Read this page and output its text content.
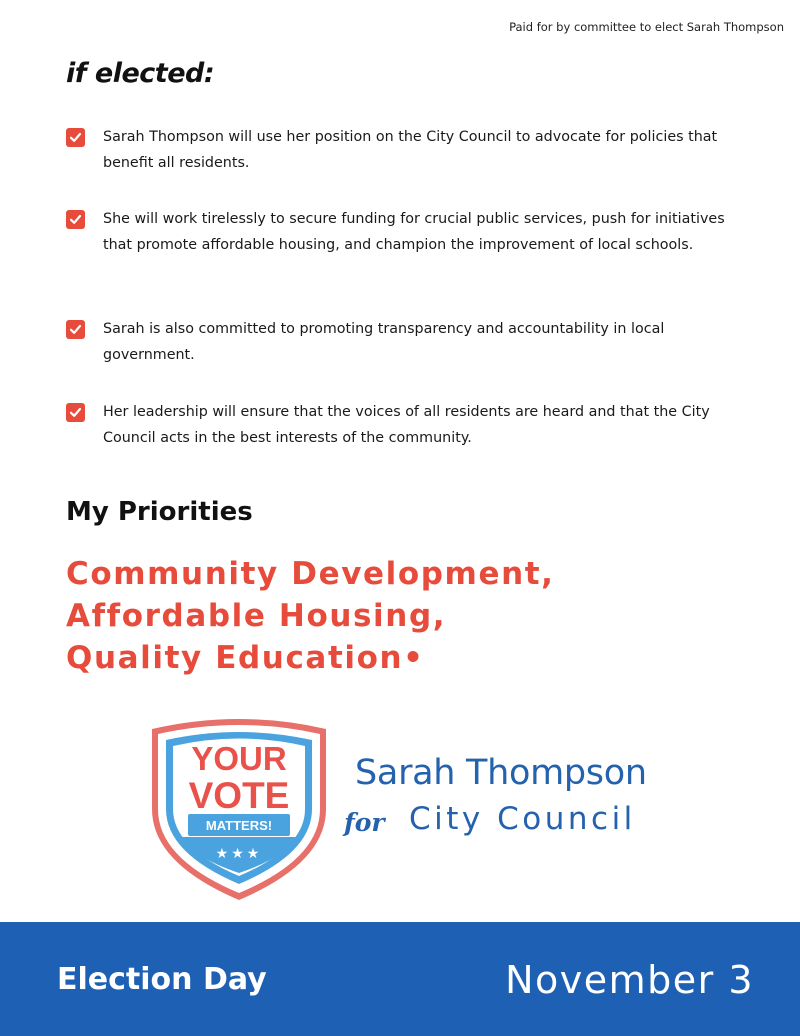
Paid for by committee to elect Sarah Thompson
if elected:
Sarah Thompson will use her position on the City Council to advocate for policies that benefit all residents.
She will work tirelessly to secure funding for crucial public services, push for initiatives that promote affordable housing, and champion the improvement of local schools.
Sarah is also committed to promoting transparency and accountability in local government.
Her leadership will ensure that the voices of all residents are heard and that the City Council acts in the best interests of the community.
My Priorities
Community Development,
Affordable Housing,
Quality Education•
YOUR
VOTE
MATTERS!
★★★
Sarah Thompson
for City Council
Election Day	November 3
